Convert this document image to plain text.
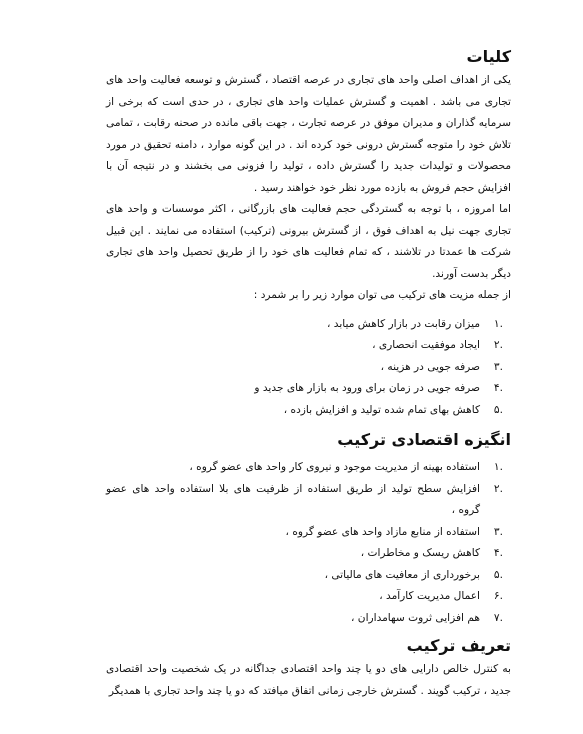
کلیات

یکی از اهداف اصلی واحد های تجاری در عرصه اقتصاد ، گسترش و توسعه فعالیت واحد های تجاری می باشد . اهمیت و گسترش عملیات واحد های تجاری ، در حدی است که برخی از سرمایه گذاران و مدیران موفق در عرصه تجارت ، جهت باقی مانده در صحنه رقابت ، تمامی تلاش خود را متوجه گسترش درونی خود کرده اند . در این گونه موارد ، دامنه تحقیق در مورد محصولات و تولیدات جدید را گسترش داده ، تولید را فزونی می بخشند و در نتیجه آن با افزایش حجم فروش به بازده مورد نظر خود خواهند رسید .

اما امروزه ، با توجه به گستردگی حجم فعالیت های بازرگانی ، اکثر موسسات و واحد های تجاری جهت نیل به اهداف فوق ، از گسترش بیرونی (ترکیب) استفاده می نمایند . این قبیل شرکت ها عمدتا در تلاشند ، که تمام فعالیت های خود را از طریق تحصیل واحد های تجاری دیگر بدست آورند.

از جمله مزیت های ترکیب می توان موارد زیر را بر شمرد :

.۱
میزان رقابت در بازار کاهش میابد ،
.۲
ایجاد موفقیت انحصاری ،
.۳
صرفه جویی در هزینه ،
.۴
صرفه جویی در زمان برای ورود به بازار های جدید و
.۵
کاهش بهای تمام شده تولید و افزایش بازده ،
انگیزه اقتصادی ترکیب
.۱
استفاده بهینه از مدیریت موجود و نیروی کار واحد های عضو گروه ،
.۲
افزایش سطح تولید از طریق استفاده از ظرفیت های بلا استفاده واحد های عضو گروه ،
.۳
استفاده از منابع مازاد واحد های عضو گروه ،
.۴
کاهش ریسک و مخاطرات ،
.۵
برخورداری از معافیت های مالیاتی ،
.۶
اعمال مدیریت کارآمد ،
.۷
هم افزایی ثروت سهامداران ،
تعریف ترکیب

به کنترل خالص دارایی های دو یا چند واحد اقتصادی جداگانه در یک شخصیت واحد اقتصادی جدید ، ترکیب گویند . گسترش خارجی زمانی اتفاق میافتد که دو یا چند واحد تجاری با همدیگر
